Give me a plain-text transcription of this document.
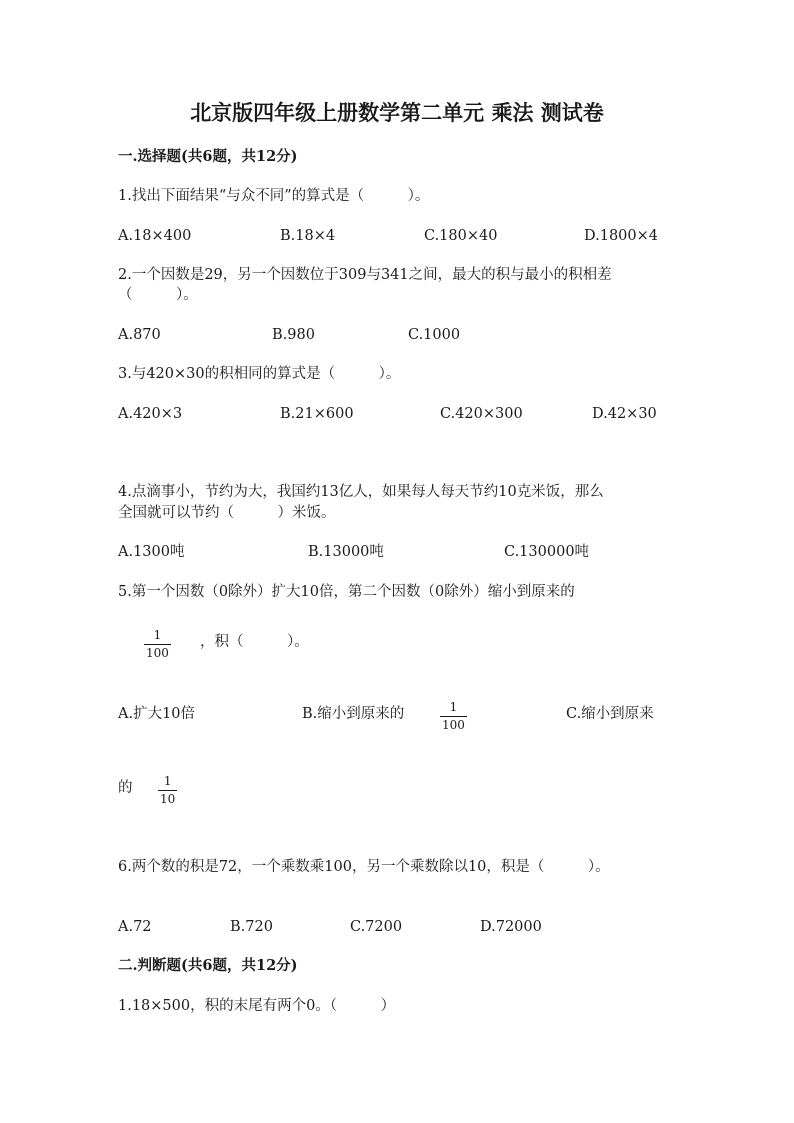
北京版四年级上册数学第二单元 乘法 测试卷
一.选择题(共6题，共12分)
1.找出下面结果“与众不同”的算式是（　　　）。
A.18×400	B.18×4	C.180×40	D.1800×4
2.一个因数是29，另一个因数位于309与341之间，最大的积与最小的积相差
（　　　）。
A.870	B.980	C.1000
3.与420×30的积相同的算式是（　　　）。
A.420×3	B.21×600	C.420×300	D.42×30
4.点滴事小，节约为大，我国约13亿人，如果每人每天节约10克米饭，那么
全国就可以节约（　　　）米饭。
A.1300吨	B.13000吨	C.130000吨
5.第一个因数（0除外）扩大10倍，第二个因数（0除外）缩小到原来的
1
100
，积（　　　）。
A.扩大10倍	B.缩小到原来的	1
100
C.缩小到原来
的	1
10
6.两个数的积是72，一个乘数乘100，另一个乘数除以10，积是（　　　）。
A.72	B.720	C.7200	D.72000
二.判断题(共6题，共12分)
1.18×500，积的末尾有两个0。（　　　）
